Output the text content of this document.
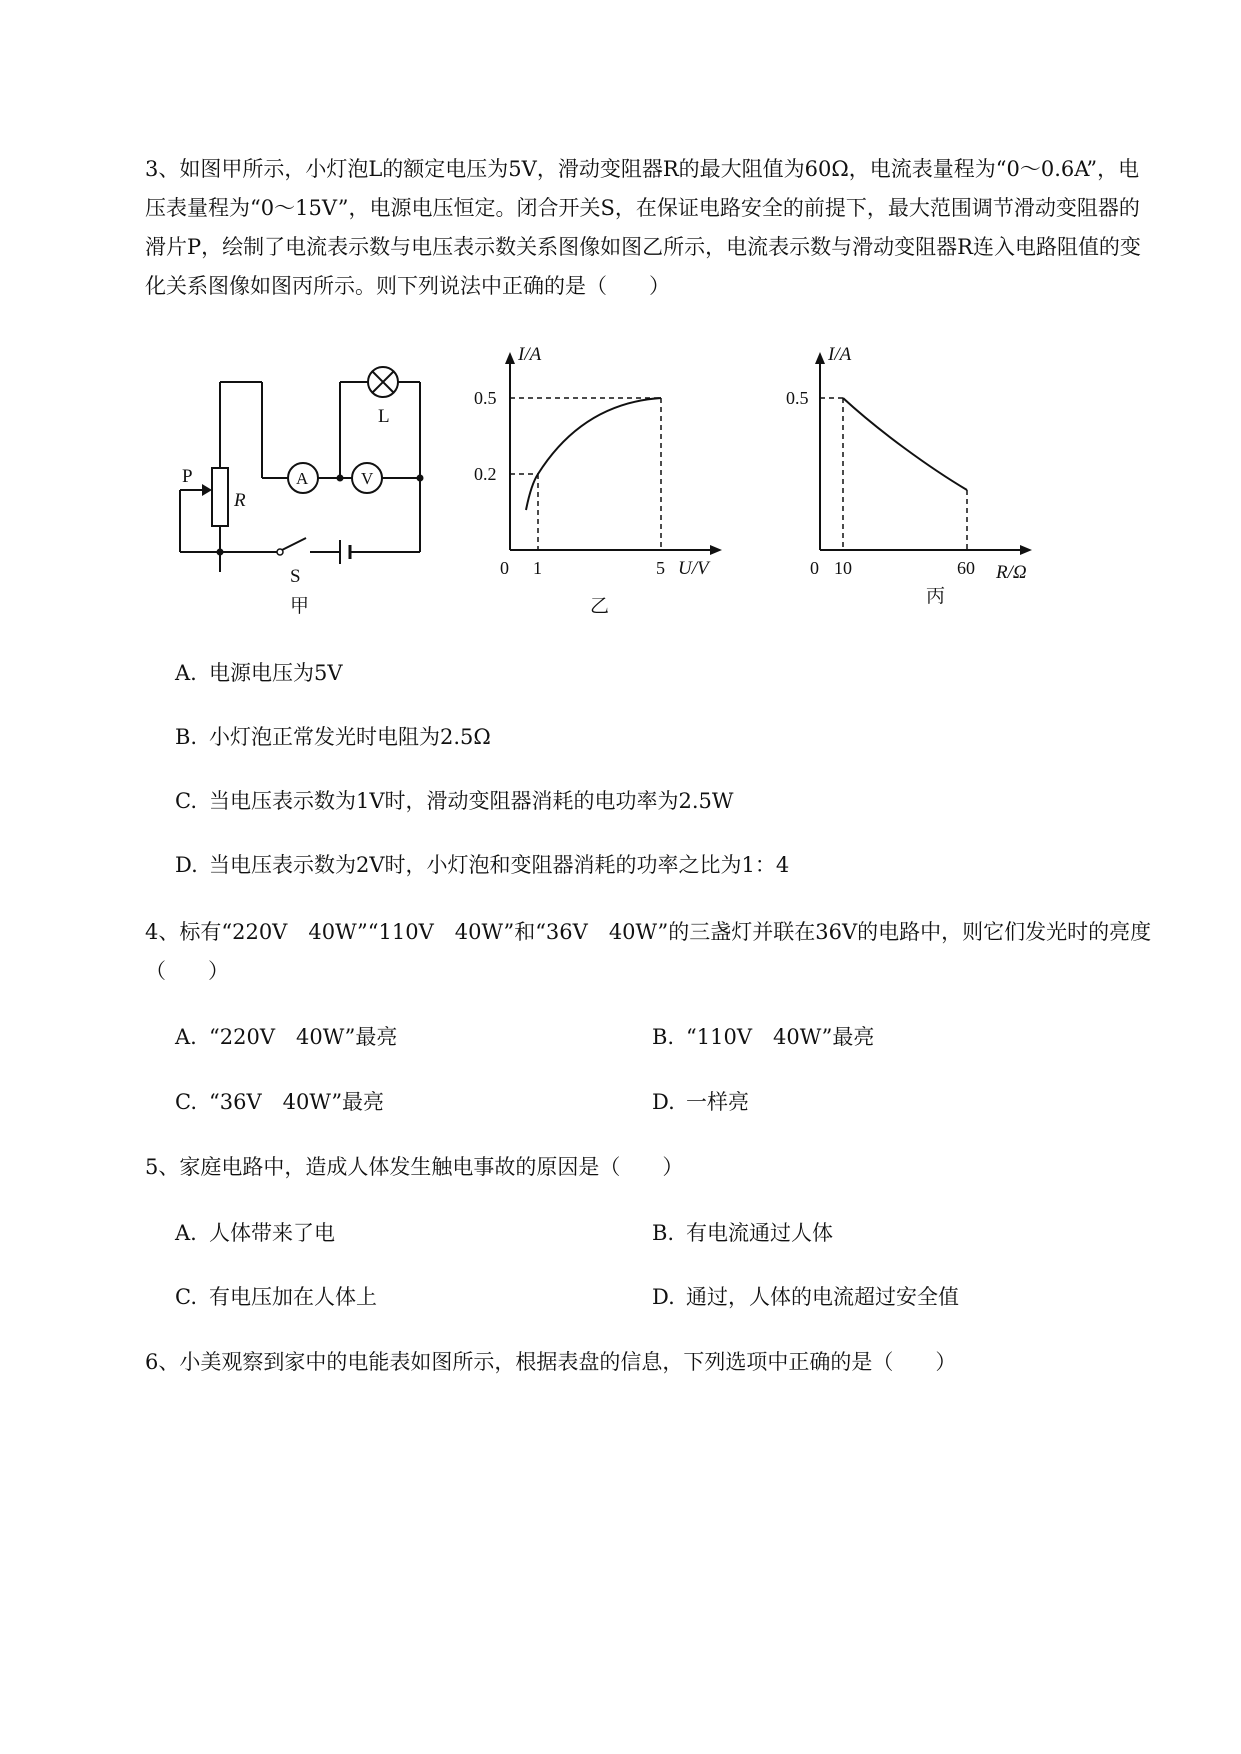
3、如图甲所示，小灯泡L的额定电压为5V，滑动变阻器R的最大阻值为60Ω，电流表量程为“0～0.6A”，电压表量程为“0～15V”，电源电压恒定。闭合开关S，在保证电路安全的前提下，最大范围调节滑动变阻器的滑片P，绘制了电流表示数与电压表示数关系图像如图乙所示，电流表示数与滑动变阻器R连入电路阻值的变化关系图像如图丙所示。则下列说法中正确的是（　　）

L
A	V
P
R
S
甲
I/A
0.5
0.2
0 1	5 U/V
乙
I/A
0.5
0 10	60 R/Ω
丙
A. 电源电压为5V
B. 小灯泡正常发光时电阻为2.5Ω
C. 当电压表示数为1V时，滑动变阻器消耗的电功率为2.5W
D. 当电压表示数为2V时，小灯泡和变阻器消耗的功率之比为1：4

4、标有“220V　40W”“110V　40W”和“36V　40W”的三盏灯并联在36V的电路中，则它们发光时的亮度（　　）

A. “220V　40W”最亮	B. “110V　40W”最亮
C. “36V　40W”最亮	D. 一样亮

5、家庭电路中，造成人体发生触电事故的原因是（　　）

A. 人体带来了电	B. 有电流通过人体
C. 有电压加在人体上	D. 通过，人体的电流超过安全值

6、小美观察到家中的电能表如图所示，根据表盘的信息，下列选项中正确的是（　　）
